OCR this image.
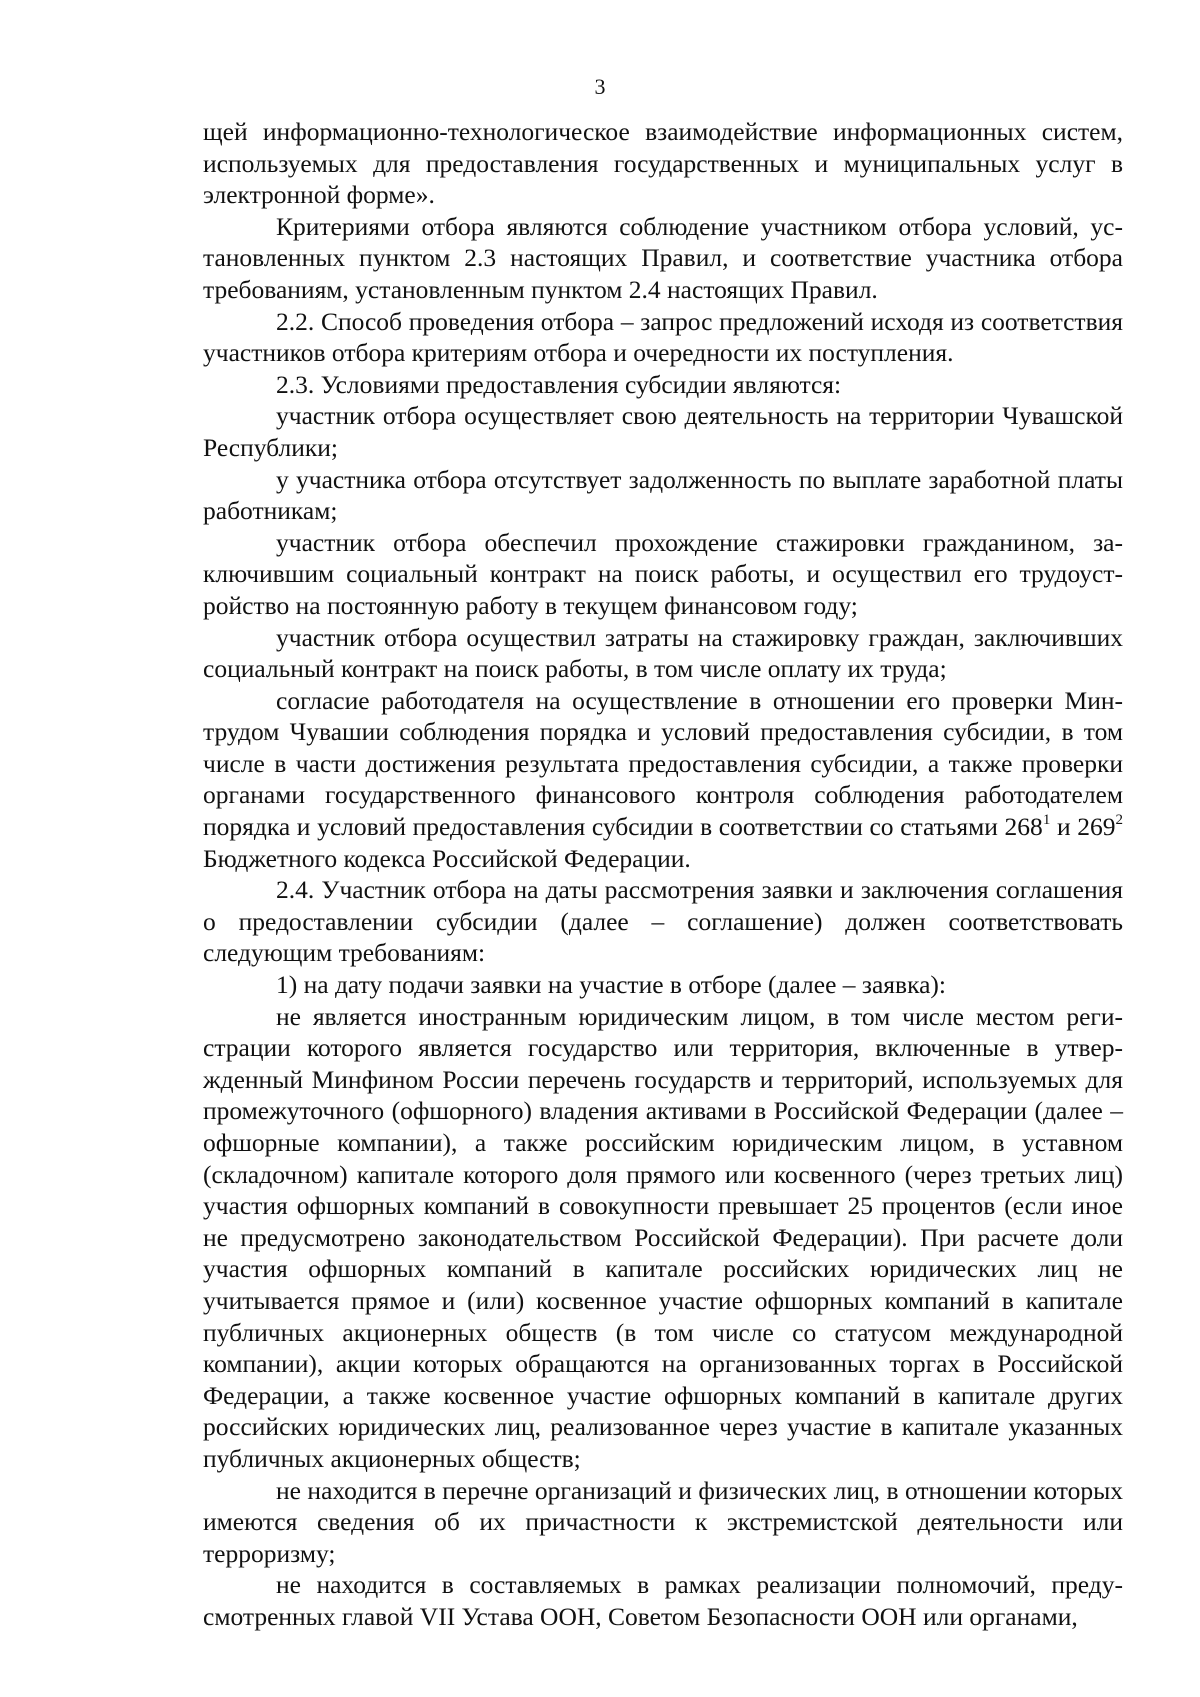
3

щей информационно-технологическое взаимодействие информационных систем, используемых для предоставления государственных и муниципальных услуг в электронной форме».

Критериями отбора являются соблюдение участником отбора условий, установленных пунктом 2.3 настоящих Правил, и соответствие участника отбора требованиям, установленным пунктом 2.4 настоящих Правил.

2.2. Способ проведения отбора – запрос предложений исходя из соответствия участников отбора критериям отбора и очередности их поступления.

2.3. Условиями предоставления субсидии являются:

участник отбора осуществляет свою деятельность на территории Чувашской Республики;

у участника отбора отсутствует задолженность по выплате заработной платы работникам;

участник отбора обеспечил прохождение стажировки гражданином, заключившим социальный контракт на поиск работы, и осуществил его трудоустройство на постоянную работу в текущем финансовом году;

участник отбора осуществил затраты на стажировку граждан, заключивших социальный контракт на поиск работы, в том числе оплату их труда;

согласие работодателя на осуществление в отношении его проверки Минтрудом Чувашии соблюдения порядка и условий предоставления субсидии, в том числе в части достижения результата предоставления субсидии, а также проверки органами государственного финансового контроля соблюдения работодателем порядка и условий предоставления субсидии в соответствии со статьями $268^1$ и $269^2$ Бюджетного кодекса Российской Федерации.

2.4. Участник отбора на даты рассмотрения заявки и заключения соглашения о предоставлении субсидии (далее – соглашение) должен соответствовать следующим требованиям:

1) на дату подачи заявки на участие в отборе (далее – заявка):

не является иностранным юридическим лицом, в том числе местом регистрации которого является государство или территория, включенные в утвержденный Минфином России перечень государств и территорий, используемых для промежуточного (офшорного) владения активами в Российской Федерации (далее – офшорные компании), а также российским юридическим лицом, в уставном (складочном) капитале которого доля прямого или косвенного (через третьих лиц) участия офшорных компаний в совокупности превышает 25 процентов (если иное не предусмотрено законодательством Российской Федерации). При расчете доли участия офшорных компаний в капитале российских юридических лиц не учитывается прямое и (или) косвенное участие офшорных компаний в капитале публичных акционерных обществ (в том числе со статусом международной компании), акции которых обращаются на организованных торгах в Российской Федерации, а также косвенное участие офшорных компаний в капитале других российских юридических лиц, реализованное через участие в капитале указанных публичных акционерных обществ;

не находится в перечне организаций и физических лиц, в отношении которых имеются сведения об их причастности к экстремистской деятельности или терроризму;

не находится в составляемых в рамках реализации полномочий, предусмотренных главой VII Устава ООН, Советом Безопасности ООН или органами,
